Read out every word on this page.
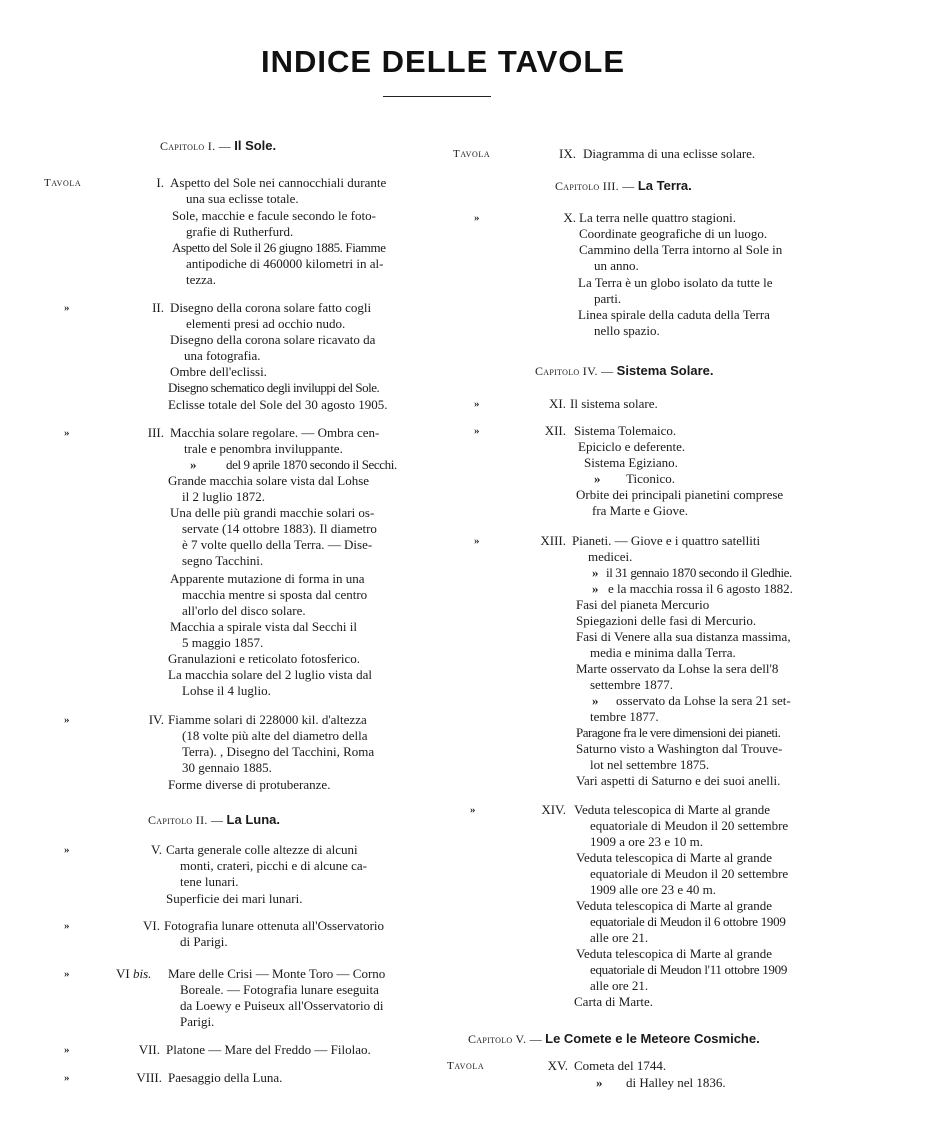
INDICE DELLE TAVOLE
Capitolo I. — Il Sole.
Tavola	I. Aspetto del Sole nei cannocchiali durante
una sua eclisse totale.
Sole, macchie e facule secondo le foto-
grafie di Rutherfurd.
Aspetto del Sole il 26 giugno 1885. Fiamme
antipodiche di 460000 kilometri in al-
tezza.
»	II. Disegno della corona solare fatto cogli
elementi presi ad occhio nudo.
Disegno della corona solare ricavato da
una fotografia.
Ombre dell'eclissi.
Disegno schematico degli inviluppi del Sole.
Eclisse totale del Sole del 30 agosto 1905.
»	III. Macchia solare regolare. — Ombra cen-
trale e penombra inviluppante.
» del 9 aprile 1870 secondo il Secchi.
Grande macchia solare vista dal Lohse
il 2 luglio 1872.
Una delle più grandi macchie solari os-
servate (14 ottobre 1883). Il diametro
è 7 volte quello della Terra. — Dise-
segno Tacchini.
Apparente mutazione di forma in una
macchia mentre si sposta dal centro
all'orlo del disco solare.
Macchia a spirale vista dal Secchi il
5 maggio 1857.
Granulazioni e reticolato fotosferico.
La macchia solare del 2 luglio vista dal
Lohse il 4 luglio.
»	IV. Fiamme solari di 228000 kil. d'altezza
(18 volte più alte del diametro della
Terra). , Disegno del Tacchini, Roma
30 gennaio 1885.
Forme diverse di protuberanze.
Capitolo II. — La Luna.
»	V. Carta generale colle altezze di alcuni
monti, crateri, picchi e di alcune ca-
tene lunari.
Superficie dei mari lunari.
»	VI. Fotografia lunare ottenuta all'Osservatorio
di Parigi.
»	VI bis. Mare delle Crisi — Monte Toro — Corno
Boreale. — Fotografia lunare eseguita
da Loewy e Puiseux all'Osservatorio di
Parigi.
»	VII. Platone — Mare del Freddo — Filolao.
»	VIII. Paesaggio della Luna.
Tavola	IX. Diagramma di una eclisse solare.
Capitolo III. — La Terra.
»	X. La terra nelle quattro stagioni.
Coordinate geografiche di un luogo.
Cammino della Terra intorno al Sole in
un anno.
La Terra è un globo isolato da tutte le
parti.
Linea spirale della caduta della Terra
nello spazio.
Capitolo IV. — Sistema Solare.
»	XI. Il sistema solare.
»	XII. Sistema Tolemaico.
Epiciclo e deferente.
Sistema Egiziano.
» Ticonico.
Orbite dei principali pianetini comprese
fra Marte e Giove.
»	XIII. Pianeti. — Giove e i quattro satelliti
medicei.
» il 31 gennaio 1870 secondo il Gledhie.
» e la macchia rossa il 6 agosto 1882.
Fasi del pianeta Mercurio
Spiegazioni delle fasi di Mercurio.
Fasi di Venere alla sua distanza massima,
media e minima dalla Terra.
Marte osservato da Lohse la sera dell'8
settembre 1877.
» osservato da Lohse la sera 21 set-
tembre 1877.
Paragone fra le vere dimensioni dei pianeti.
Saturno visto a Washington dal Trouve-
lot nel settembre 1875.
Vari aspetti di Saturno e dei suoi anelli.
»	XIV. Veduta telescopica di Marte al grande
equatoriale di Meudon il 20 settembre
1909 a ore 23 e 10 m.
Veduta telescopica di Marte al grande
equatoriale di Meudon il 20 settembre
1909 alle ore 23 e 40 m.
Veduta telescopica di Marte al grande
equatoriale di Meudon il 6 ottobre 1909
alle ore 21.
Veduta telescopica di Marte al grande
equatoriale di Meudon l'11 ottobre 1909
alle ore 21.
Carta di Marte.
Capitolo V. — Le Comete e le Meteore Cosmiche.
Tavola	XV. Cometa del 1744.
» di Halley nel 1836.
